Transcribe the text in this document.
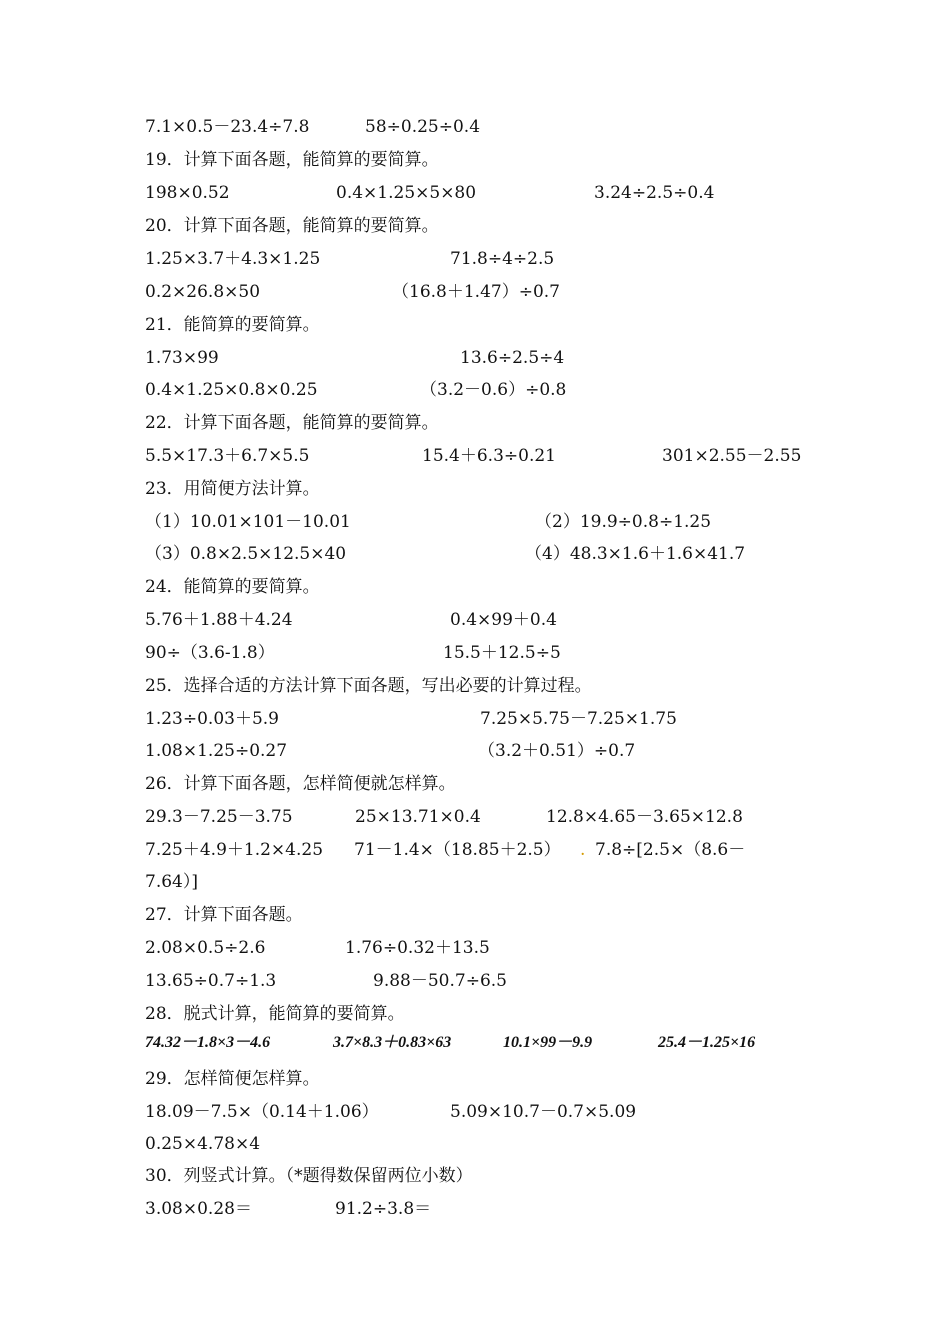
7.1×0.5－23.4÷7.8	58÷0.25÷0.4
19．计算下面各题，能简算的要简算。
198×0.52	0.4×1.25×5×80	3.24÷2.5÷0.4
20．计算下面各题，能简算的要简算。
1.25×3.7＋4.3×1.25	71.8÷4÷2.5
0.2×26.8×50	（16.8＋1.47）÷0.7
21．能简算的要简算。
1.73×99	13.6÷2.5÷4
0.4×1.25×0.8×0.25	（3.2－0.6）÷0.8
22．计算下面各题，能简算的要简算。
5.5×17.3＋6.7×5.5	15.4＋6.3÷0.21	301×2.55－2.55
23．用简便方法计算。
（1）10.01×101－10.01	（2）19.9÷0.8÷1.25
（3）0.8×2.5×12.5×40	（4）48.3×1.6＋1.6×41.7
24．能简算的要简算。
5.76＋1.88＋4.24	0.4×99＋0.4
90÷（3.6-1.8）	15.5＋12.5÷5
25．选择合适的方法计算下面各题，写出必要的计算过程。
1.23÷0.03＋5.9	7.25×5.75－7.25×1.75
1.08×1.25÷0.27	（3.2＋0.51）÷0.7
26．计算下面各题，怎样简便就怎样算。
29.3－7.25－3.75	25×13.71×0.4	12.8×4.65－3.65×12.8
7.25＋4.9＋1.2×4.25 71－1.4×（18.85＋2.5） 7.8÷[2.5×（8.6－
.
7.64）]
27．计算下面各题。
2.08×0.5÷2.6	1.76÷0.32＋13.5
13.65÷0.7÷1.3	9.88－50.7÷6.5
28．脱式计算，能简算的要简算。
74.32－1.8×3－4.6	3.7×8.3＋0.83×63	10.1×99－9.9	25.4－1.25×16
29．怎样简便怎样算。
18.09－7.5×（0.14＋1.06）	5.09×10.7－0.7×5.09
0.25×4.78×4
30．列竖式计算。（*题得数保留两位小数）
3.08×0.28＝	91.2÷3.8＝
